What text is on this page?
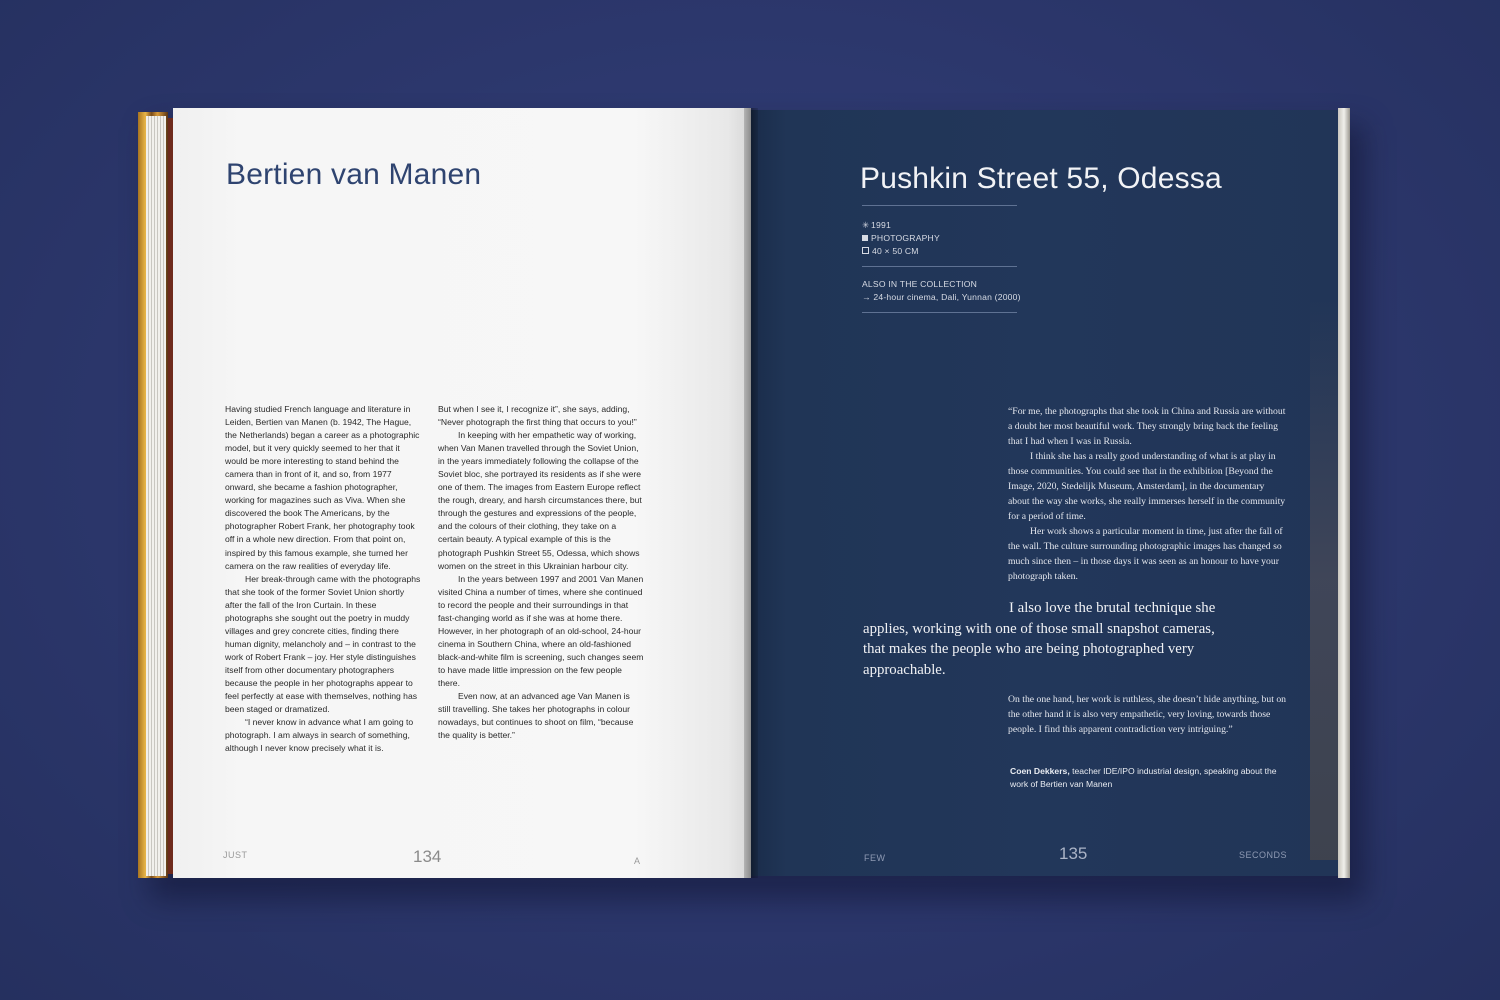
Bertien van Manen

Having studied French language and literature in Leiden, Bertien van Manen (b. 1942, The Hague, the Netherlands) began a career as a photographic model, but it very quickly seemed to her that it would be more interesting to stand behind the camera than in front of it, and so, from 1977 onward, she became a fashion photographer, working for magazines such as Viva. When she discovered the book The Americans, by the photographer Robert Frank, her photography took off in a whole new direction. From that point on, inspired by this famous example, she turned her camera on the raw realities of everyday life.

Her break-through came with the photographs that she took of the former Soviet Union shortly after the fall of the Iron Curtain. In these photographs she sought out the poetry in muddy villages and grey concrete cities, finding there human dignity, melancholy and – in contrast to the work of Robert Frank – joy. Her style distinguishes itself from other documentary photographers because the people in her photographs appear to feel perfectly at ease with themselves, nothing has been staged or dramatized.

“I never know in advance what I am going to photograph. I am always in search of something, although I never know precisely what it is.

But when I see it, I recognize it”, she says, adding, “Never photograph the first thing that occurs to you!”

In keeping with her empathetic way of working, when Van Manen travelled through the Soviet Union, in the years immediately following the collapse of the Soviet bloc, she portrayed its residents as if she were one of them. The images from Eastern Europe reflect the rough, dreary, and harsh circumstances there, but through the gestures and expressions of the people, and the colours of their clothing, they take on a certain beauty. A typical example of this is the photograph Pushkin Street 55, Odessa, which shows women on the street in this Ukrainian harbour city.

In the years between 1997 and 2001 Van Manen visited China a number of times, where she continued to record the people and their surroundings in that fast-changing world as if she was at home there. However, in her photograph of an old-school, 24-hour cinema in Southern China, where an old-fashioned black-and-white film is screening, such changes seem to have made little impression on the few people there.

Even now, at an advanced age Van Manen is still travelling. She takes her photographs in colour nowadays, but continues to shoot on film, “because the quality is better.”

JUST	134	A
Pushkin Street 55, Odessa
✳ 1991
PHOTOGRAPHY
40 × 50 CM
ALSO IN THE COLLECTION
→ 24-hour cinema, Dali, Yunnan (2000)

“For me, the photographs that she took in China and Russia are without a doubt her most beautiful work. They strongly bring back the feeling that I had when I was in Russia.

I think she has a really good understanding of what is at play in those communities. You could see that in the exhibition [Beyond the Image, 2020, Stedelijk Museum, Amsterdam], in the documentary about the way she works, she really immerses herself in the community for a period of time.

Her work shows a particular moment in time, just after the fall of the wall. The culture surrounding photographic images has changed so much since then – in those days it was seen as an honour to have your photograph taken.

I also love the brutal technique she
applies, working with one of those small snapshot cameras, that makes the people who are being photographed very approachable.

On the one hand, her work is ruthless, she doesn’t hide anything, but on the other hand it is also very empathetic, very loving, towards those people. I find this apparent contradiction very intriguing.”

Coen Dekkers, teacher IDE/IPO industrial design, speaking about the work of Bertien van Manen
FEW	135	SECONDS
